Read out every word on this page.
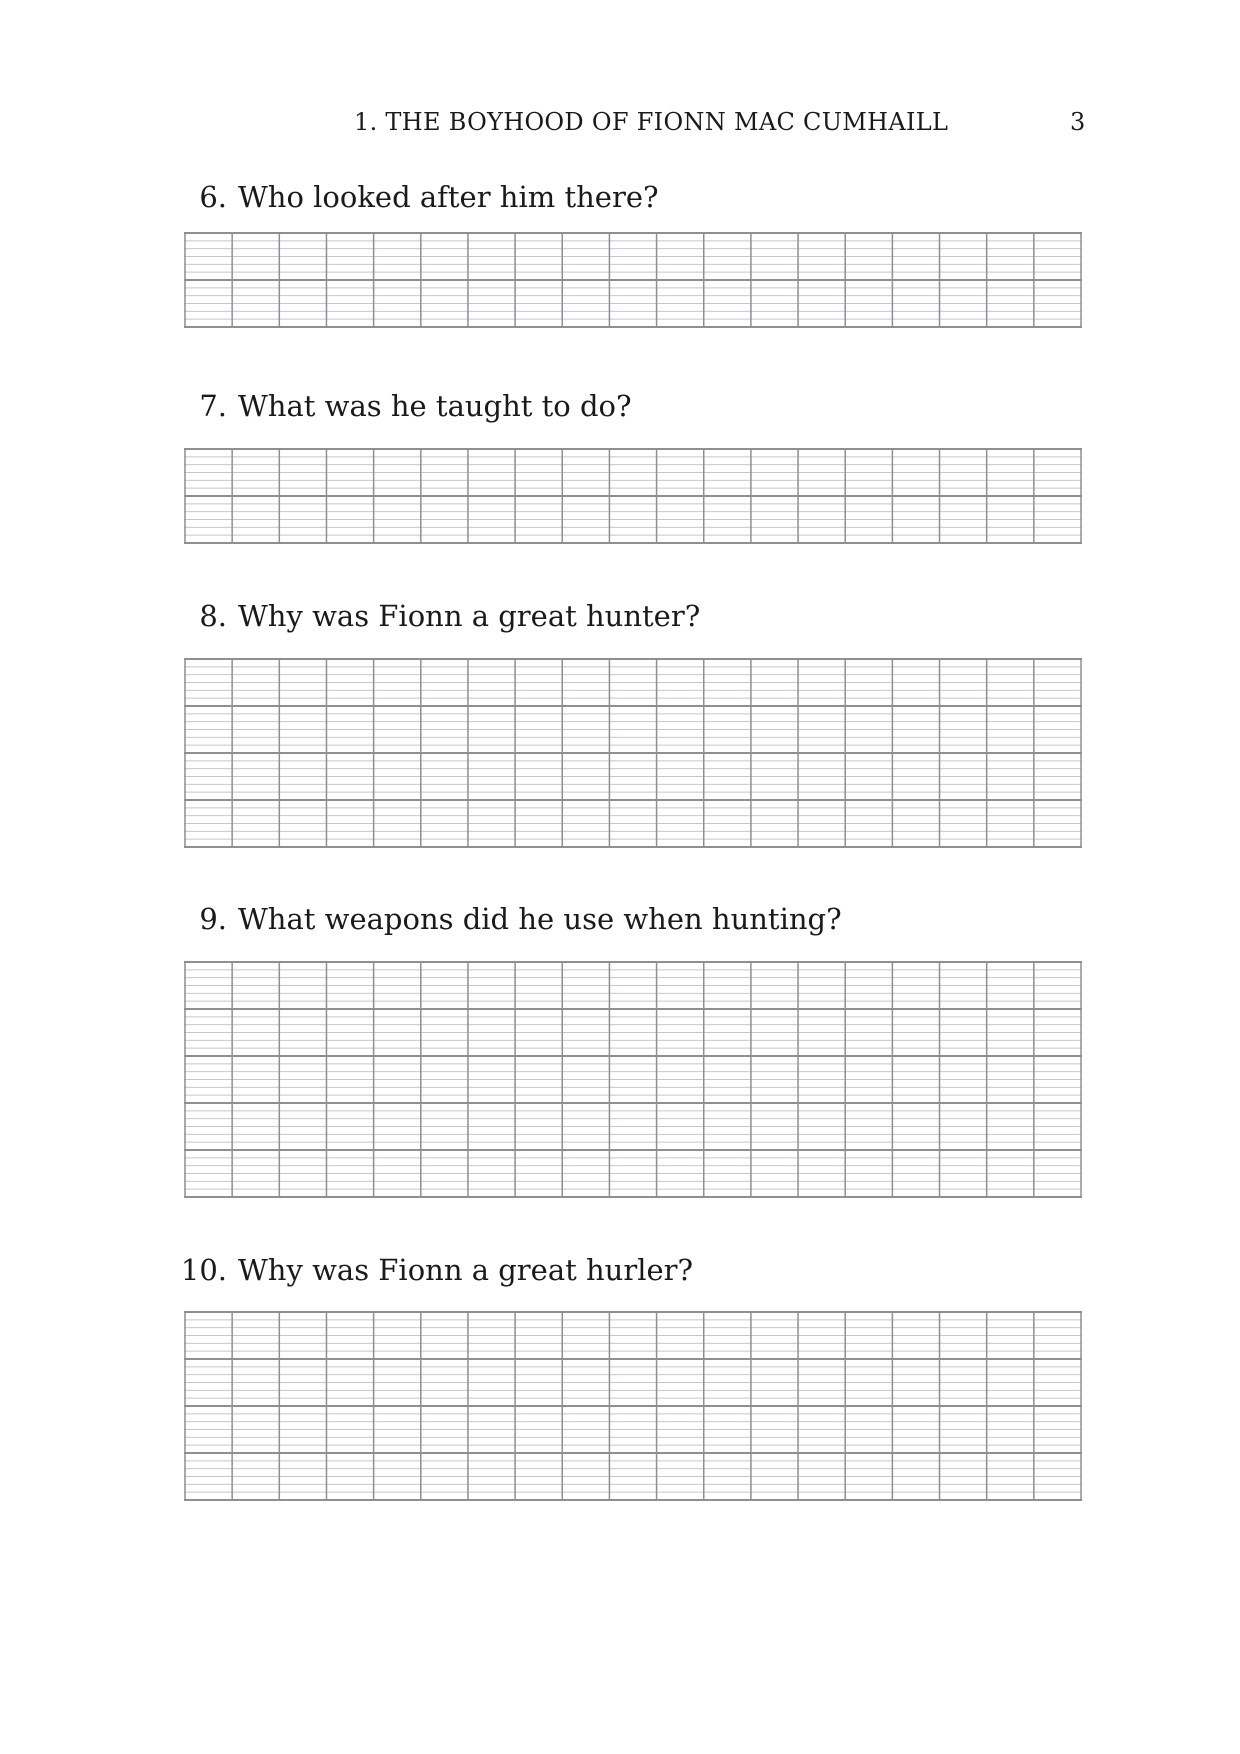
1. THE BOYHOOD OF FIONN MAC CUMHAILL	3
6. Who looked after him there?
7. What was he taught to do?
8. Why was Fionn a great hunter?
9. What weapons did he use when hunting?
10. Why was Fionn a great hurler?
